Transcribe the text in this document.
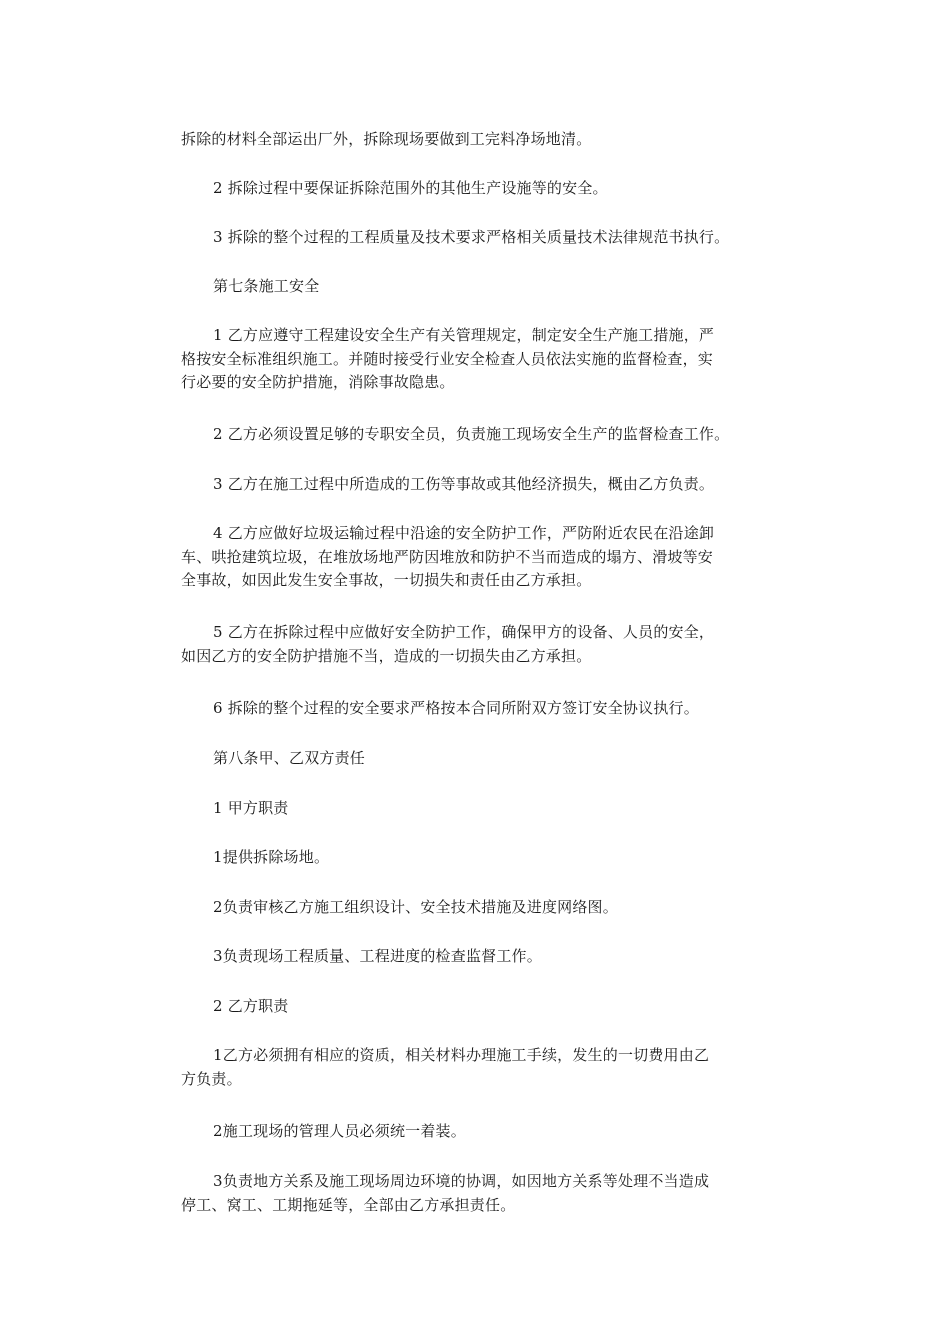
拆除的材料全部运出厂外，拆除现场要做到工完料净场地清。
2 拆除过程中要保证拆除范围外的其他生产设施等的安全。
3 拆除的整个过程的工程质量及技术要求严格相关质量技术法律规范书执行。
第七条施工安全
1 乙方应遵守工程建设安全生产有关管理规定，制定安全生产施工措施，严
格按安全标准组织施工。并随时接受行业安全检查人员依法实施的监督检查，实
行必要的安全防护措施，消除事故隐患。
2 乙方必须设置足够的专职安全员，负责施工现场安全生产的监督检查工作。
3 乙方在施工过程中所造成的工伤等事故或其他经济损失，概由乙方负责。
4 乙方应做好垃圾运输过程中沿途的安全防护工作，严防附近农民在沿途卸
车、哄抢建筑垃圾，在堆放场地严防因堆放和防护不当而造成的塌方、滑坡等安
全事故，如因此发生安全事故，一切损失和责任由乙方承担。
5 乙方在拆除过程中应做好安全防护工作，确保甲方的设备、人员的安全，
如因乙方的安全防护措施不当，造成的一切损失由乙方承担。
6 拆除的整个过程的安全要求严格按本合同所附双方签订安全协议执行。
第八条甲、乙双方责任
1 甲方职责
1提供拆除场地。
2负责审核乙方施工组织设计、安全技术措施及进度网络图。
3负责现场工程质量、工程进度的检查监督工作。
2 乙方职责
1乙方必须拥有相应的资质，相关材料办理施工手续，发生的一切费用由乙
方负责。
2施工现场的管理人员必须统一着装。
3负责地方关系及施工现场周边环境的协调，如因地方关系等处理不当造成
停工、窝工、工期拖延等，全部由乙方承担责任。
